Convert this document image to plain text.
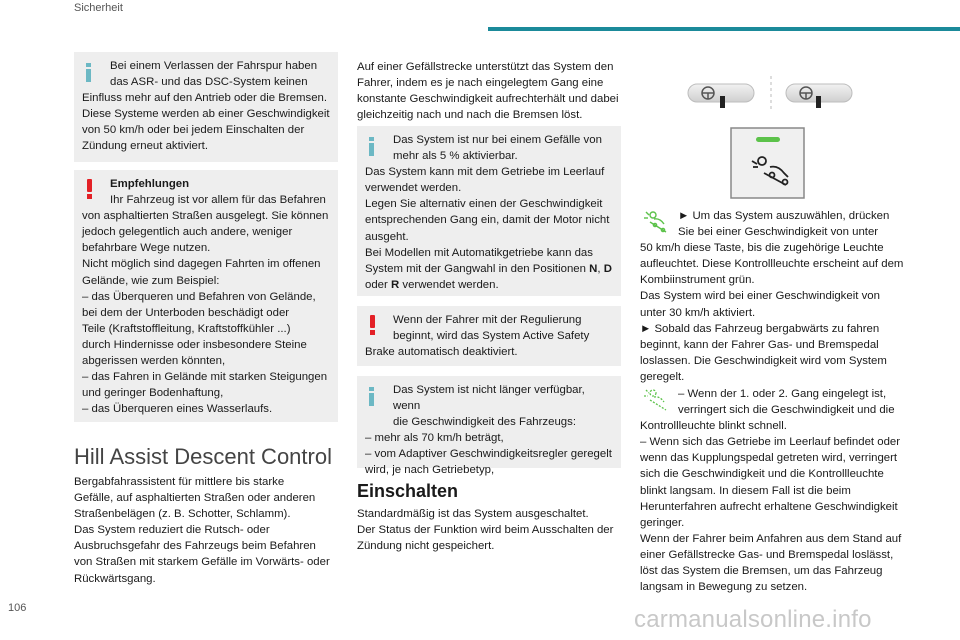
Sicherheit

Bei einem Verlassen der Fahrspur haben

das ASR- und das DSC-System keinen

Einfluss mehr auf den Antrieb oder die Bremsen.

Diese Systeme werden ab einer Geschwindigkeit

von 50 km/h oder bei jedem Einschalten der

Zündung erneut aktiviert.

Empfehlungen

Ihr Fahrzeug ist vor allem für das Befahren

von asphaltierten Straßen ausgelegt. Sie können

jedoch gelegentlich auch andere, weniger

befahrbare Wege nutzen.

Nicht möglich sind dagegen Fahrten im offenen

Gelände, wie zum Beispiel:

– das Überqueren und Befahren von Gelände,

bei dem der Unterboden beschädigt oder

Teile (Kraftstoffleitung, Kraftstoffkühler ...)

durch Hindernisse oder insbesondere Steine

abgerissen werden könnten,

– das Fahren in Gelände mit starken Steigungen

und geringer Bodenhaftung,

– das Überqueren eines Wasserlaufs.

Hill Assist Descent Control

Bergabfahrassistent für mittlere bis starke

Gefälle, auf asphaltierten Straßen oder anderen

Straßenbelägen (z. B. Schotter, Schlamm).

Das System reduziert die Rutsch- oder

Ausbruchsgefahr des Fahrzeugs beim Befahren

von Straßen mit starkem Gefälle im Vorwärts- oder

Rückwärtsgang.

Auf einer Gefällstrecke unterstützt das System den

Fahrer, indem es je nach eingelegtem Gang eine

konstante Geschwindigkeit aufrechterhält und dabei

gleichzeitig nach und nach die Bremsen löst.

Das System ist nur bei einem Gefälle von

mehr als 5 % aktivierbar.

Das System kann mit dem Getriebe im Leerlauf

verwendet werden.

Legen Sie alternativ einen der Geschwindigkeit

entsprechenden Gang ein, damit der Motor nicht

ausgeht.

Bei Modellen mit Automatikgetriebe kann das

System mit der Gangwahl in den Positionen N, D

oder R verwendet werden.

Wenn der Fahrer mit der Regulierung

beginnt, wird das System Active Safety

Brake automatisch deaktiviert.

Das System ist nicht länger verfügbar, wenn

die Geschwindigkeit des Fahrzeugs:

– mehr als 70 km/h beträgt,

– vom Adaptiver Geschwindigkeitsregler geregelt

wird, je nach Getriebetyp,

Einschalten

Standardmäßig ist das System ausgeschaltet.

Der Status der Funktion wird beim Ausschalten der

Zündung nicht gespeichert.

► Um das System auszuwählen, drücken

Sie bei einer Geschwindigkeit von unter

50 km/h diese Taste, bis die zugehörige Leuchte

aufleuchtet. Diese Kontrollleuchte erscheint auf dem

Kombiinstrument grün.

Das System wird bei einer Geschwindigkeit von

unter 30 km/h aktiviert.

► Sobald das Fahrzeug bergabwärts zu fahren

beginnt, kann der Fahrer Gas- und Bremspedal

loslassen. Die Geschwindigkeit wird vom System

geregelt.

– Wenn der 1. oder 2. Gang eingelegt ist,

verringert sich die Geschwindigkeit und die

Kontrollleuchte blinkt schnell.

– Wenn sich das Getriebe im Leerlauf befindet oder

wenn das Kupplungspedal getreten wird, verringert

sich die Geschwindigkeit und die Kontrollleuchte

blinkt langsam. In diesem Fall ist die beim

Herunterfahren aufrecht erhaltene Geschwindigkeit

geringer.

Wenn der Fahrer beim Anfahren aus dem Stand auf

einer Gefällstrecke Gas- und Bremspedal loslässt,

löst das System die Bremsen, um das Fahrzeug

langsam in Bewegung zu setzen.

106	carmanualsonline.info
